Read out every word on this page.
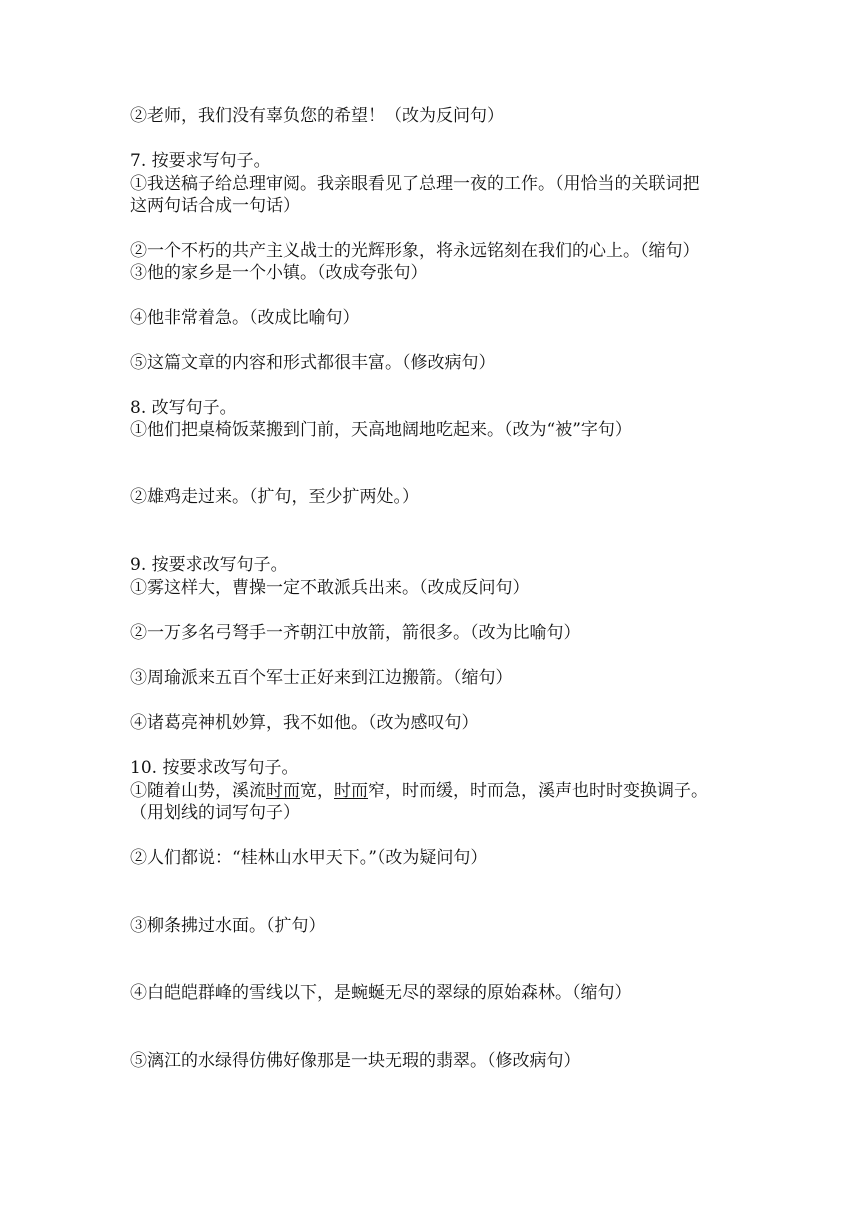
②老师，我们没有辜负您的希望！（改为反问句）
7. 按要求写句子。
①我送稿子给总理审阅。我亲眼看见了总理一夜的工作。（用恰当的关联词把
这两句话合成一句话）
②一个不朽的共产主义战士的光辉形象，将永远铭刻在我们的心上。（缩句）
③他的家乡是一个小镇。（改成夸张句）
④他非常着急。（改成比喻句）
⑤这篇文章的内容和形式都很丰富。（修改病句）
8. 改写句子。
①他们把桌椅饭菜搬到门前，天高地阔地吃起来。（改为“被”字句）
②雄鸡走过来。（扩句，至少扩两处。）
9. 按要求改写句子。
①雾这样大，曹操一定不敢派兵出来。（改成反问句）
②一万多名弓弩手一齐朝江中放箭，箭很多。（改为比喻句）
③周瑜派来五百个军士正好来到江边搬箭。（缩句）
④诸葛亮神机妙算，我不如他。（改为感叹句）
10. 按要求改写句子。
①随着山势，溪流时而宽，时而窄，时而缓，时而急，溪声也时时变换调子。
（用划线的词写句子）
②人们都说：“桂林山水甲天下。”（改为疑问句）
③柳条拂过水面。（扩句）
④白皑皑群峰的雪线以下，是蜿蜒无尽的翠绿的原始森林。（缩句）
⑤漓江的水绿得仿佛好像那是一块无瑕的翡翠。（修改病句）
